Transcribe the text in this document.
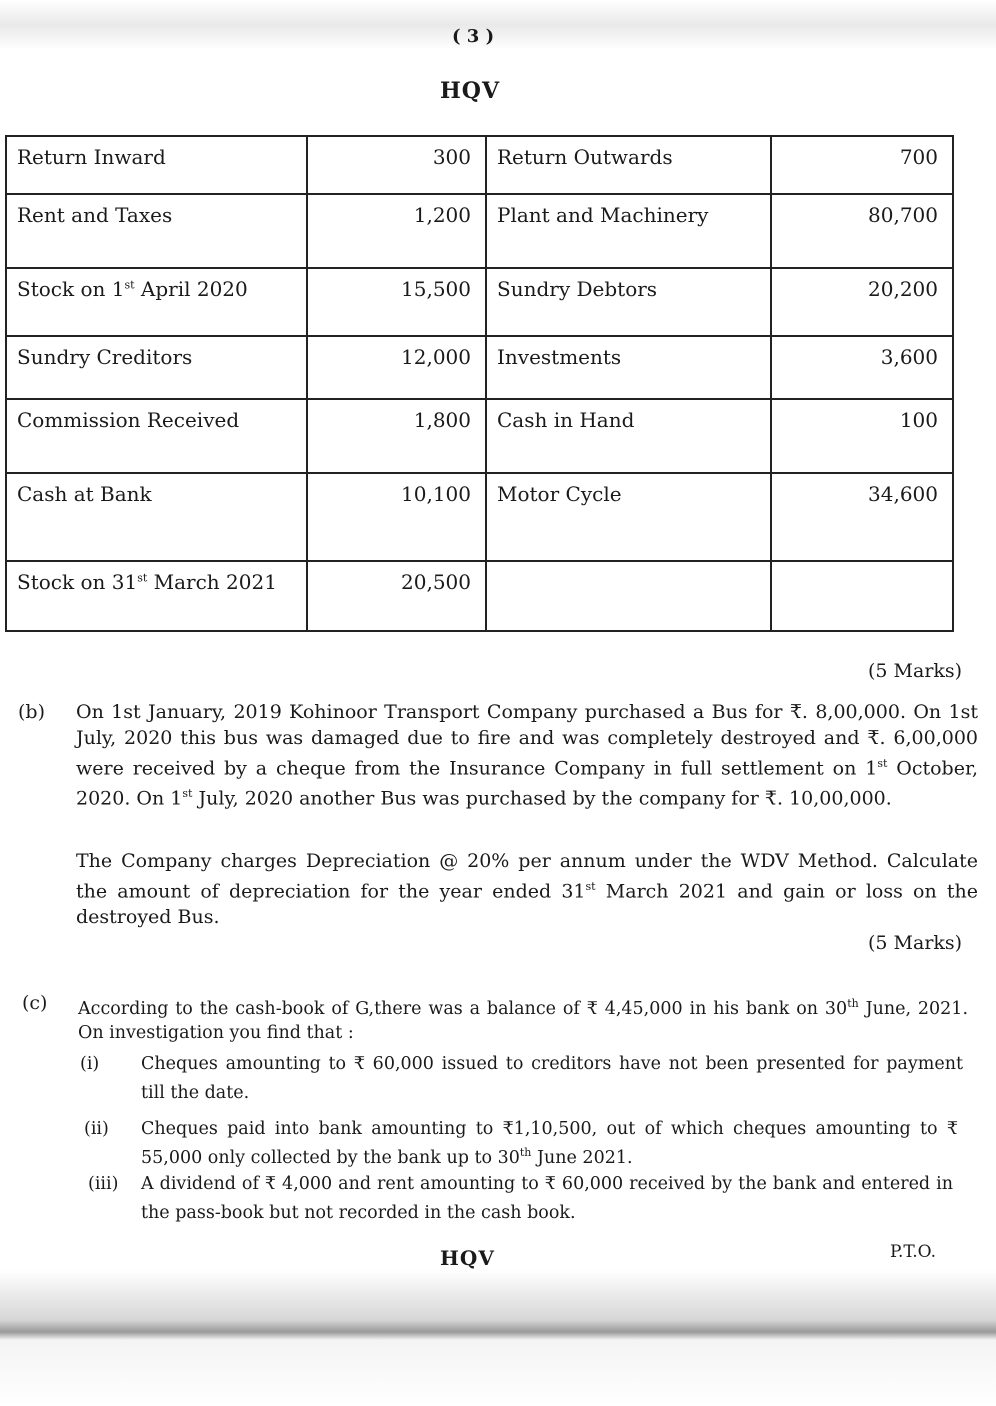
( 3 )
HQV
Return Inward	300	Return Outwards	700
Rent and Taxes	1,200	Plant and Machinery	80,700
Stock on 1st April 2020	15,500	Sundry Debtors	20,200
Sundry Creditors	12,000	Investments	3,600
Commission Received	1,800	Cash in Hand	100
Cash at Bank	10,100	Motor Cycle	34,600
Stock on 31st March 2021	20,500		
(5 Marks)
(b) On 1st January, 2019 Kohinoor Transport Company purchased a Bus for ₹. 8,00,000. On 1st July, 2020 this bus was damaged due to fire and was completely destroyed and ₹. 6,00,000 were received by a cheque from the Insurance Company in full settlement on 1st October, 2020. On 1st July, 2020 another Bus was purchased by the company for ₹. 10,00,000.
The Company charges Depreciation @ 20% per annum under the WDV Method. Calculate the amount of depreciation for the year ended 31st March 2021 and gain or loss on the destroyed Bus.
(5 Marks)
(c) According to the cash-book of G,there was a balance of ₹ 4,45,000 in his bank on 30th June, 2021. On investigation you find that :
(i) Cheques amounting to ₹ 60,000 issued to creditors have not been presented for payment till the date.
(ii) Cheques paid into bank amounting to ₹1,10,500, out of which cheques amounting to ₹ 55,000 only collected by the bank up to 30th June 2021.
(iii) A dividend of ₹ 4,000 and rent amounting to ₹ 60,000 received by the bank and entered in the pass-book but not recorded in the cash book.
HQV	P.T.O.
